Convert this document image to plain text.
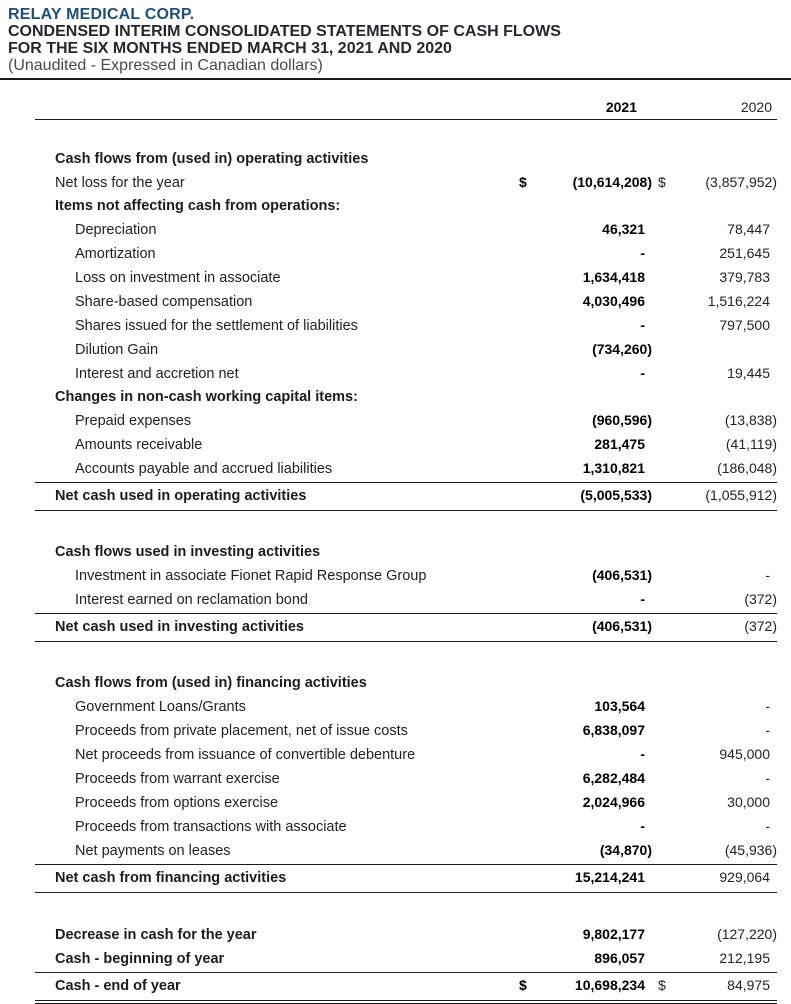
RELAY MEDICAL CORP.
CONDENSED INTERIM CONSOLIDATED STATEMENTS OF CASH FLOWS
FOR THE SIX MONTHS ENDED MARCH 31, 2021 AND 2020
(Unaudited - Expressed in Canadian dollars)
2021	2020
Cash flows from (used in) operating activities
Net loss for the year	$	(10,614,208) $	(3,857,952)
Items not affecting cash from operations:
Depreciation	46,321	78,447
Amortization	-	251,645
Loss on investment in associate	1,634,418	379,783
Share-based compensation	4,030,496	1,516,224
Shares issued for the settlement of liabilities	-	797,500
Dilution Gain	(734,260)
Interest and accretion net	-	19,445
Changes in non-cash working capital items:
Prepaid expenses	(960,596)	(13,838)
Amounts receivable	281,475	(41,119)
Accounts payable and accrued liabilities	1,310,821	(186,048)
Net cash used in operating activities	(5,005,533)	(1,055,912)
Cash flows used in investing activities
Investment in associate Fionet Rapid Response Group	(406,531)	-
Interest earned on reclamation bond	-	(372)
Net cash used in investing activities	(406,531)	(372)
Cash flows from (used in) financing activities
Government Loans/Grants	103,564	-
Proceeds from private placement, net of issue costs	6,838,097	-
Net proceeds from issuance of convertible debenture	-	945,000
Proceeds from warrant exercise	6,282,484	-
Proceeds from options exercise	2,024,966	30,000
Proceeds from transactions with associate	-	-
Net payments on leases	(34,870)	(45,936)
Net cash from financing activities	15,214,241	929,064
Decrease in cash for the year	9,802,177	(127,220)
Cash - beginning of year	896,057	212,195
Cash - end of year	$	10,698,234 $	84,975
